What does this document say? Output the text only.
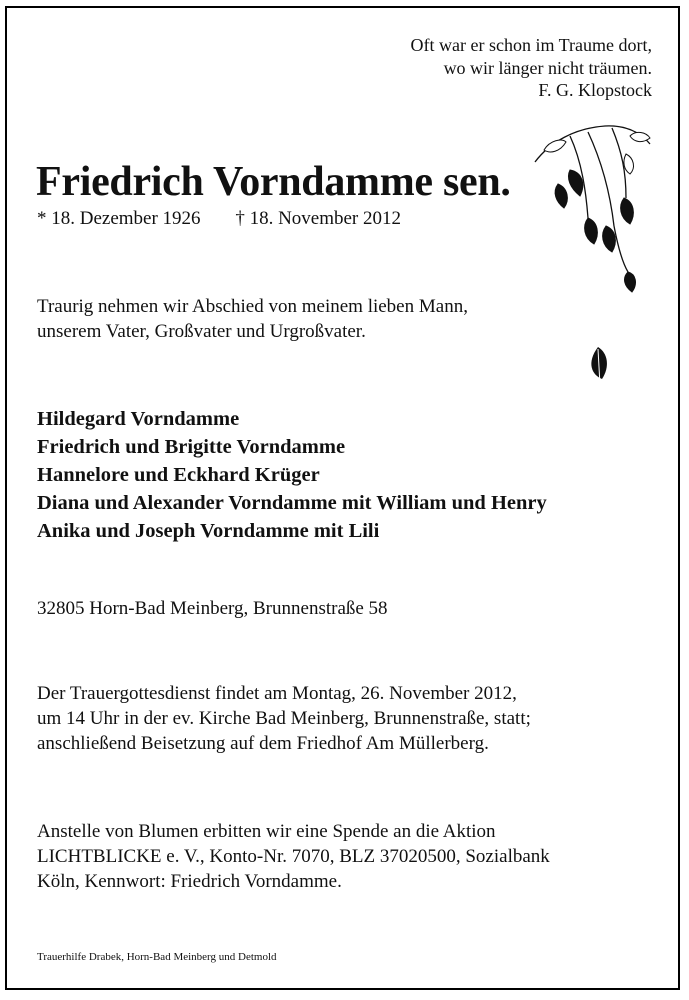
Oft war er schon im Traume dort,
wo wir länger nicht träumen.
F. G. Klopstock
Friedrich Vorndamme sen.
* 18. Dezember 1926 † 18. November 2012
Traurig nehmen wir Abschied von meinem lieben Mann,
unserem Vater, Großvater und Urgroßvater.
Hildegard Vorndamme
Friedrich und Brigitte Vorndamme
Hannelore und Eckhard Krüger
Diana und Alexander Vorndamme mit William und Henry
Anika und Joseph Vorndamme mit Lili
32805 Horn-Bad Meinberg, Brunnenstraße 58
Der Trauergottesdienst findet am Montag, 26. November 2012,
um 14 Uhr in der ev. Kirche Bad Meinberg, Brunnenstraße, statt;
anschließend Beisetzung auf dem Friedhof Am Müllerberg.
Anstelle von Blumen erbitten wir eine Spende an die Aktion
LICHTBLICKE e. V., Konto-Nr. 7070, BLZ 37020500, Sozialbank
Köln, Kennwort: Friedrich Vorndamme.
Trauerhilfe Drabek, Horn-Bad Meinberg und Detmold
